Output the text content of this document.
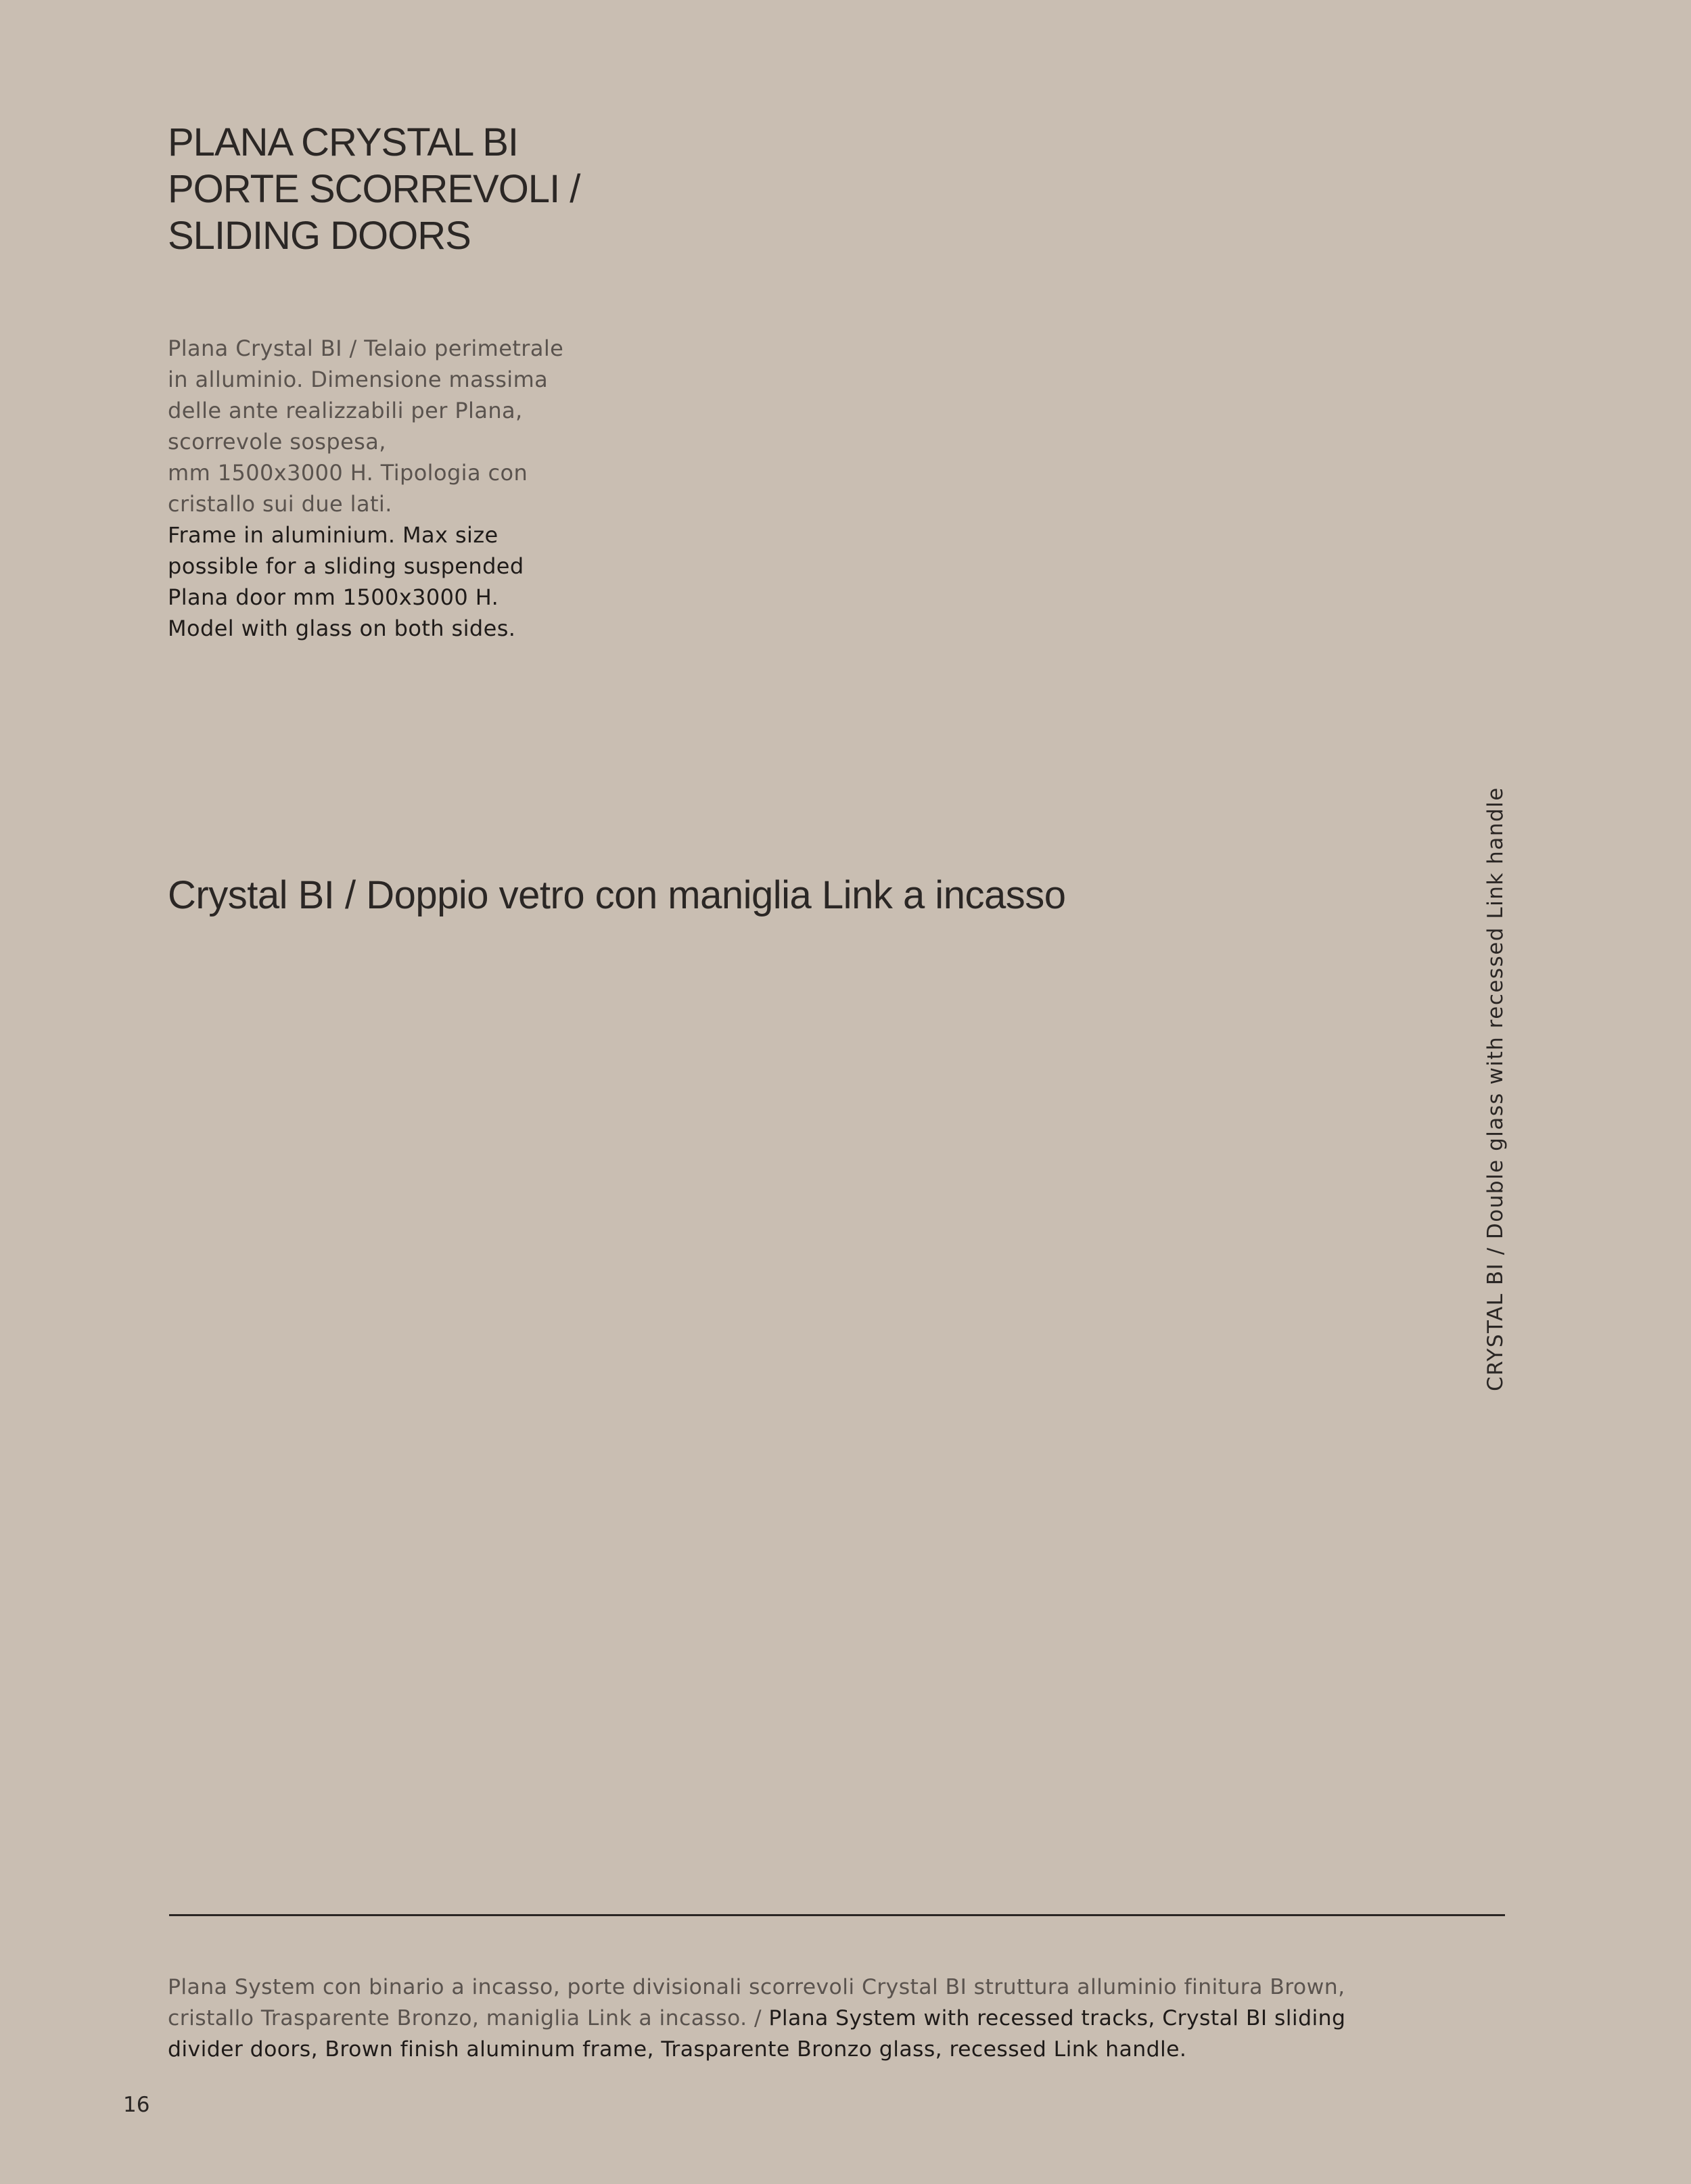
PLANA CRYSTAL BI
PORTE SCORREVOLI /
SLIDING DOORS
Plana Crystal BI / Telaio perimetrale
in alluminio. Dimensione massima
delle ante realizzabili per Plana,
scorrevole sospesa,
mm 1500x3000 H. Tipologia con
cristallo sui due lati.
Frame in aluminium. Max size
possible for a sliding suspended
Plana door mm 1500x3000 H.
Model with glass on both sides.
Crystal BI / Doppio vetro con maniglia Link a incasso	CRYSTAL BI / Double glass with recessed Link handle
Plana System con binario a incasso, porte divisionali scorrevoli Crystal BI struttura alluminio finitura Brown,
cristallo Trasparente Bronzo, maniglia Link a incasso. / Plana System with recessed tracks, Crystal BI sliding
divider doors, Brown finish aluminum frame, Trasparente Bronzo glass, recessed Link handle.
16
